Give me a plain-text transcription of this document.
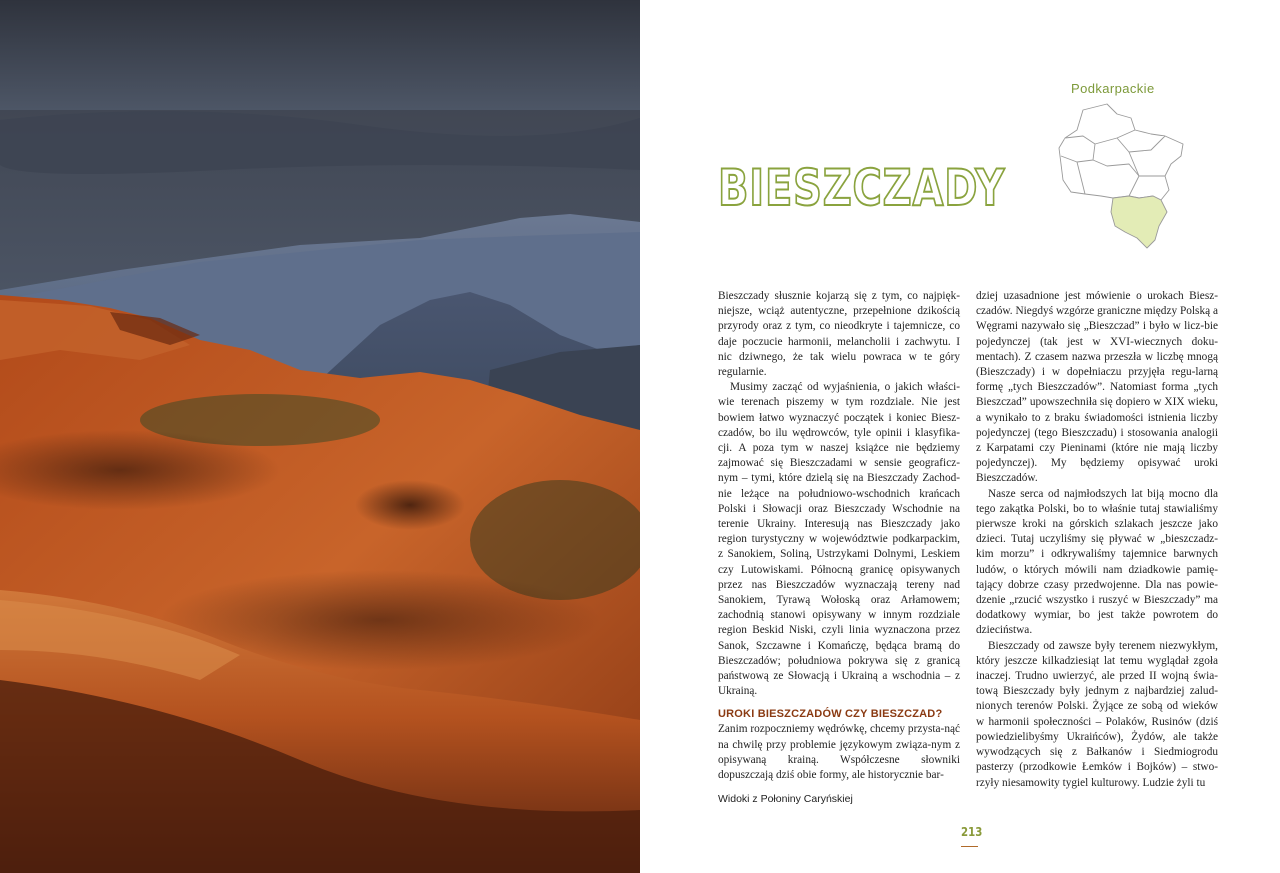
Podkarpackie
BIESZCZADY

Bieszczady słusznie kojarzą się z tym, co najpięk-niejsze, wciąż autentyczne, przepełnione dzikością przyrody oraz z tym, co nieodkryte i tajemnicze, co daje poczucie harmonii, melancholii i zachwytu. I nic dziwnego, że tak wielu powraca w te góry regularnie.

Musimy zacząć od wyjaśnienia, o jakich właści-wie terenach piszemy w tym rozdziale. Nie jest bowiem łatwo wyznaczyć początek i koniec Biesz-czadów, bo ilu wędrowców, tyle opinii i klasyfika-cji. A poza tym w naszej książce nie będziemy zajmować się Bieszczadami w sensie geograficz-nym – tymi, które dzielą się na Bieszczady Zachod-nie leżące na południowo-wschodnich krańcach Polski i Słowacji oraz Bieszczady Wschodnie na terenie Ukrainy. Interesują nas Bieszczady jako region turystyczny w województwie podkarpackim, z Sanokiem, Soliną, Ustrzykami Dolnymi, Leskiem czy Lutowiskami. Północną granicę opisywanych przez nas Bieszczadów wyznaczają tereny nad Sanokiem, Tyrawą Wołoską oraz Arłamowem; zachodnią stanowi opisywany w innym rozdziale region Beskid Niski, czyli linia wyznaczona przez Sanok, Szczawne i Komańczę, będąca bramą do Bieszczadów; południowa pokrywa się z granicą państwową ze Słowacją i Ukrainą a wschodnia – z Ukrainą.

UROKI BIESZCZADÓW CZY BIESZCZAD?

Zanim rozpoczniemy wędrówkę, chcemy przysta-nąć na chwilę przy problemie językowym związa-nym z opisywaną krainą. Współczesne słowniki dopuszczają dziś obie formy, ale historycznie bar-

dziej uzasadnione jest mówienie o urokach Biesz-czadów. Niegdyś wzgórze graniczne między Polską a Węgrami nazywało się „Bieszczad” i było w licz-bie pojedynczej (tak jest w XVI-wiecznych doku-mentach). Z czasem nazwa przeszła w liczbę mnogą (Bieszczady) i w dopełniaczu przyjęła regu-larną formę „tych Bieszczadów”. Natomiast forma „tych Bieszczad” upowszechniła się dopiero w XIX wieku, a wynikało to z braku świadomości istnienia liczby pojedynczej (tego Bieszczadu) i stosowania analogii z Karpatami czy Pieninami (które nie mają liczby pojedynczej). My będziemy opisywać uroki Bieszczadów.

Nasze serca od najmłodszych lat biją mocno dla tego zakątka Polski, bo to właśnie tutaj stawialiśmy pierwsze kroki na górskich szlakach jeszcze jako dzieci. Tutaj uczyliśmy się pływać w „bieszczadz-kim morzu” i odkrywaliśmy tajemnice barwnych ludów, o których mówili nam dziadkowie pamię-tający dobrze czasy przedwojenne. Dla nas powie-dzenie „rzucić wszystko i ruszyć w Bieszczady” ma dodatkowy wymiar, bo jest także powrotem do dzieciństwa.

Bieszczady od zawsze były terenem niezwykłym, który jeszcze kilkadziesiąt lat temu wyglądał zgoła inaczej. Trudno uwierzyć, ale przed II wojną świa-tową Bieszczady były jednym z najbardziej zalud-nionych terenów Polski. Żyjące ze sobą od wieków w harmonii społeczności – Polaków, Rusinów (dziś powiedzielibyśmy Ukraińców), Żydów, ale także wywodzących się z Bałkanów i Siedmiogrodu pasterzy (przodkowie Łemków i Bojków) – stwo-rzyły niesamowity tygiel kulturowy. Ludzie żyli tu

Widoki z Połoniny Caryńskiej
213
